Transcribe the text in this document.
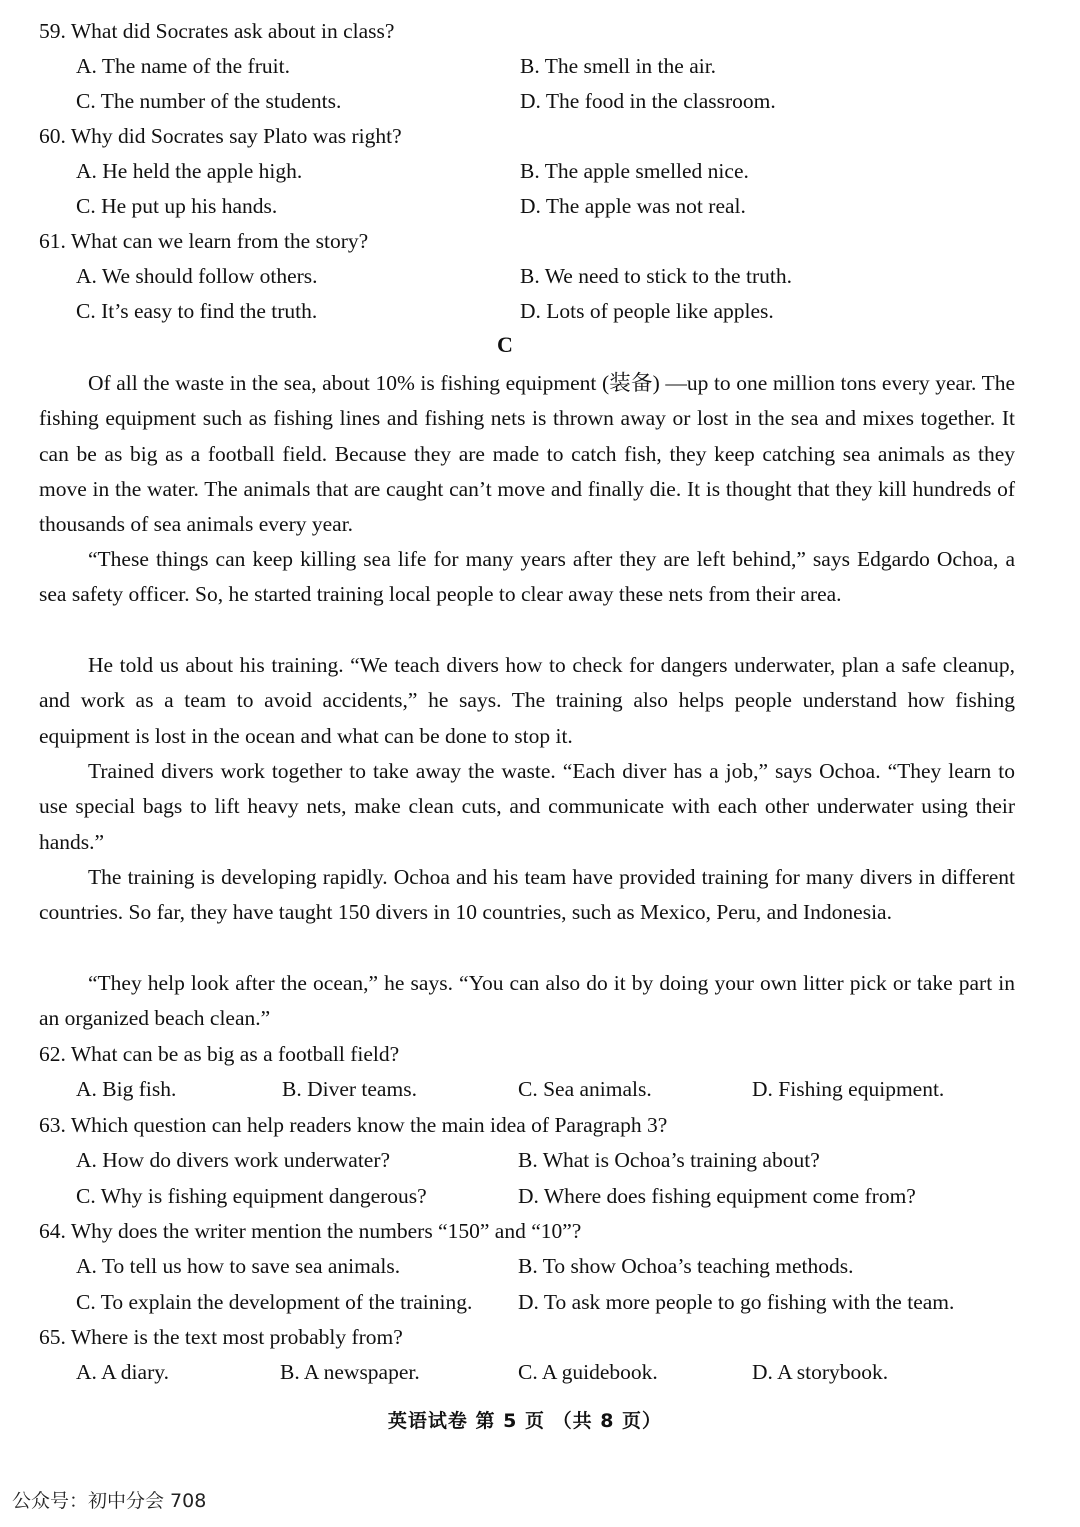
59. What did Socrates ask about in class?
A. The name of the fruit.	B. The smell in the air.
C. The number of the students.	D. The food in the classroom.
60. Why did Socrates say Plato was right?
A. He held the apple high.	B. The apple smelled nice.
C. He put up his hands.	D. The apple was not real.
61. What can we learn from the story?
A. We should follow others.	B. We need to stick to the truth.
C. It’s easy to find the truth.	D. Lots of people like apples.
C
Of all the waste in the sea, about 10% is fishing equipment (装备) —up to one million tons every year. The fishing equipment such as fishing lines and fishing nets is thrown away or lost in the sea and mixes together. It can be as big as a football field. Because they are made to catch fish, they keep catching sea animals as they move in the water. The animals that are caught can’t move and finally die. It is thought that they kill hundreds of thousands of sea animals every year.
“These things can keep killing sea life for many years after they are left behind,” says Edgardo Ochoa, a sea safety officer. So, he started training local people to clear away these nets from their area.
He told us about his training. “We teach divers how to check for dangers underwater, plan a safe cleanup, and work as a team to avoid accidents,” he says. The training also helps people understand how fishing equipment is lost in the ocean and what can be done to stop it.
Trained divers work together to take away the waste. “Each diver has a job,” says Ochoa. “They learn to use special bags to lift heavy nets, make clean cuts, and communicate with each other underwater using their hands.”
The training is developing rapidly. Ochoa and his team have provided training for many divers in different countries. So far, they have taught 150 divers in 10 countries, such as Mexico, Peru, and Indonesia.
“They help look after the ocean,” he says. “You can also do it by doing your own litter pick or take part in an organized beach clean.”
62. What can be as big as a football field?
A. Big fish.	B. Diver teams.	C. Sea animals.	D. Fishing equipment.
63. Which question can help readers know the main idea of Paragraph 3?
A. How do divers work underwater?	B. What is Ochoa’s training about?
C. Why is fishing equipment dangerous?	D. Where does fishing equipment come from?
64. Why does the writer mention the numbers “150” and “10”?
A. To tell us how to save sea animals.	B. To show Ochoa’s teaching methods.
C. To explain the development of the training. D. To ask more people to go fishing with the team.
65. Where is the text most probably from?
A. A diary.	B. A newspaper.	C. A guidebook.	D. A storybook.
英语试卷 第 5 页 （共 8 页）
公众号：初中分会 708
